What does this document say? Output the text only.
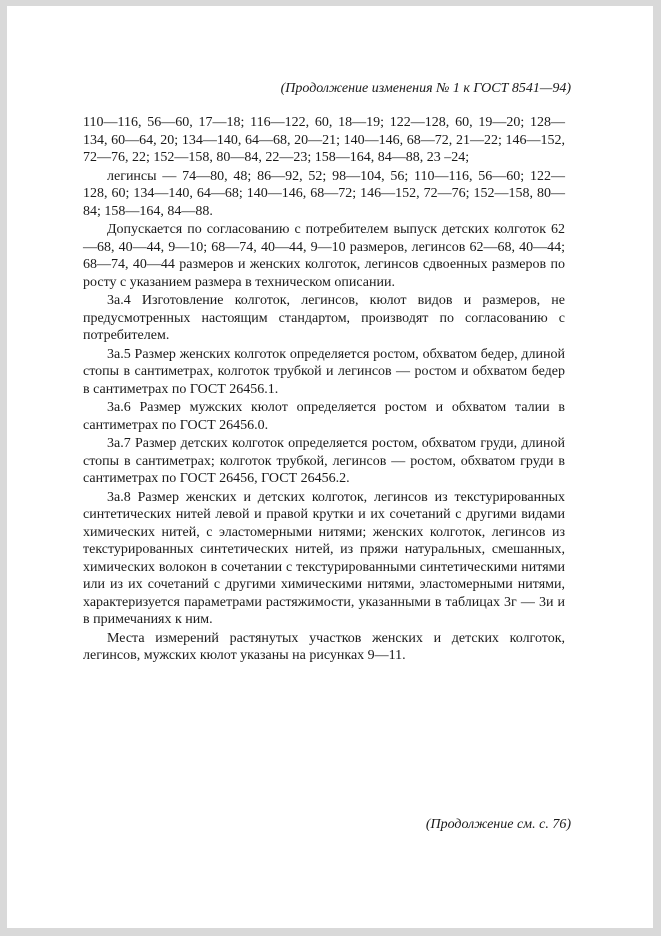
(Продолжение изменения № 1 к ГОСТ 8541—94)

110—116, 56—60, 17—18; 116—122, 60, 18—19; 122—128, 60, 19—20; 128—134, 60—64, 20; 134—140, 64—68, 20—21; 140—146, 68—72, 21—22; 146—152, 72—76, 22; 152—158, 80—84, 22—23; 158—164, 84—88, 23 –24;

легинсы — 74—80, 48; 86—92, 52; 98—104, 56; 110—116, 56—60; 122—128, 60; 134—140, 64—68; 140—146, 68—72; 146—152, 72—76; 152—158, 80—84; 158—164, 84—88.

Допускается по согласованию с потребителем выпуск детских колготок 62—68, 40—44, 9—10; 68—74, 40—44, 9—10 размеров, легинсов 62—68, 40—44; 68—74, 40—44 размеров и женских колготок, легинсов сдвоенных размеров по росту с указанием размера в техническом описании.

3а.4 Изготовление колготок, легинсов, кюлот видов и размеров, не предусмотренных настоящим стандартом, производят по согласованию с потребителем.

3а.5 Размер женских колготок определяется ростом, обхватом бедер, длиной стопы в сантиметрах, колготок трубкой и легинсов — ростом и обхватом бедер в сантиметрах по ГОСТ 26456.1.

3а.6 Размер мужских кюлот определяется ростом и обхватом талии в сантиметрах по ГОСТ 26456.0.

3а.7 Размер детских колготок определяется ростом, обхватом груди, длиной стопы в сантиметрах; колготок трубкой, легинсов — ростом, обхватом груди в сантиметрах по ГОСТ 26456, ГОСТ 26456.2.

3а.8 Размер женских и детских колготок, легинсов из текстурированных синтетических нитей левой и правой крутки и их сочетаний с другими видами химических нитей, с эластомерными нитями; женских колготок, легинсов из текстурированных синтетических нитей, из пряжи натуральных, смешанных, химических волокон в сочетании с текстурированными синтетическими нитями или из их сочетаний с другими химическими нитями, эластомерными нитями, характеризуется параметрами растяжимости, указанными в таблицах 3г — 3и и в примечаниях к ним.

Места измерений растянутых участков женских и детских колготок, легинсов, мужских кюлот указаны на рисунках 9—11.

(Продолжение см. с. 76)
